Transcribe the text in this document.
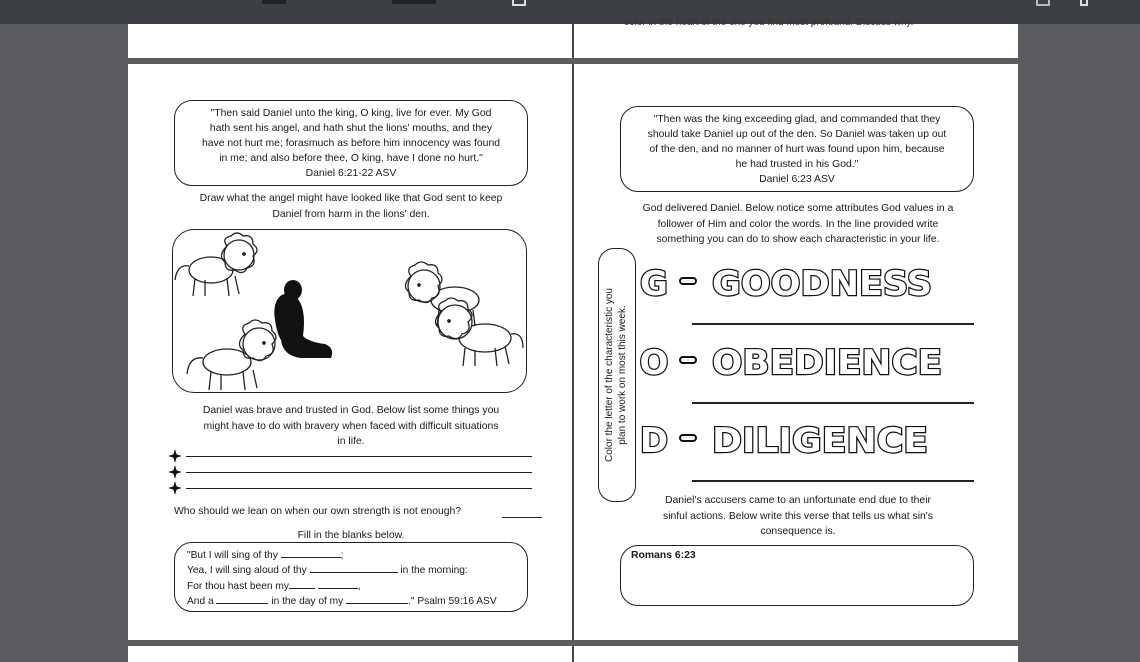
color in the heart of the one you find most profound. Discuss why.
"Then said Daniel unto the king, O king, live for ever. My God
hath sent his angel, and hath shut the lions' mouths, and they
have not hurt me; forasmuch as before him innocency was found
in me; and also before thee, O king, have I done no hurt."
Daniel 6:21-22 ASV
Draw what the angel might have looked like that God sent to keep
Daniel from harm in the lions' den.
Daniel was brave and trusted in God. Below list some things you
might have to do with bravery when faced with difficult situations
in life.
Who should we lean on when our own strength is not enough?
Fill in the blanks below.
"But I will sing of thy	;
Yea, I will sing aloud of thy	in the morning:
For thou hast been my	,
And a	in the day of my	." Psalm 59:16 ASV
"Then was the king exceeding glad, and commanded that they
should take Daniel up out of the den. So Daniel was taken up out
of the den, and no manner of hurt was found upon him, because
he had trusted in his God."
Daniel 6:23 ASV
God delivered Daniel. Below notice some attributes God values in a
follower of Him and color the words. In the line provided write
something you can do to show each characteristic in your life.
Color the letter of the characteristic you plan to work on most this week.
G GOODNESS
O OBEDIENCE
D DILIGENCE
Daniel's accusers came to an unfortunate end due to their
sinful actions. Below write this verse that tells us what sin's
consequence is.
Romans 6:23
